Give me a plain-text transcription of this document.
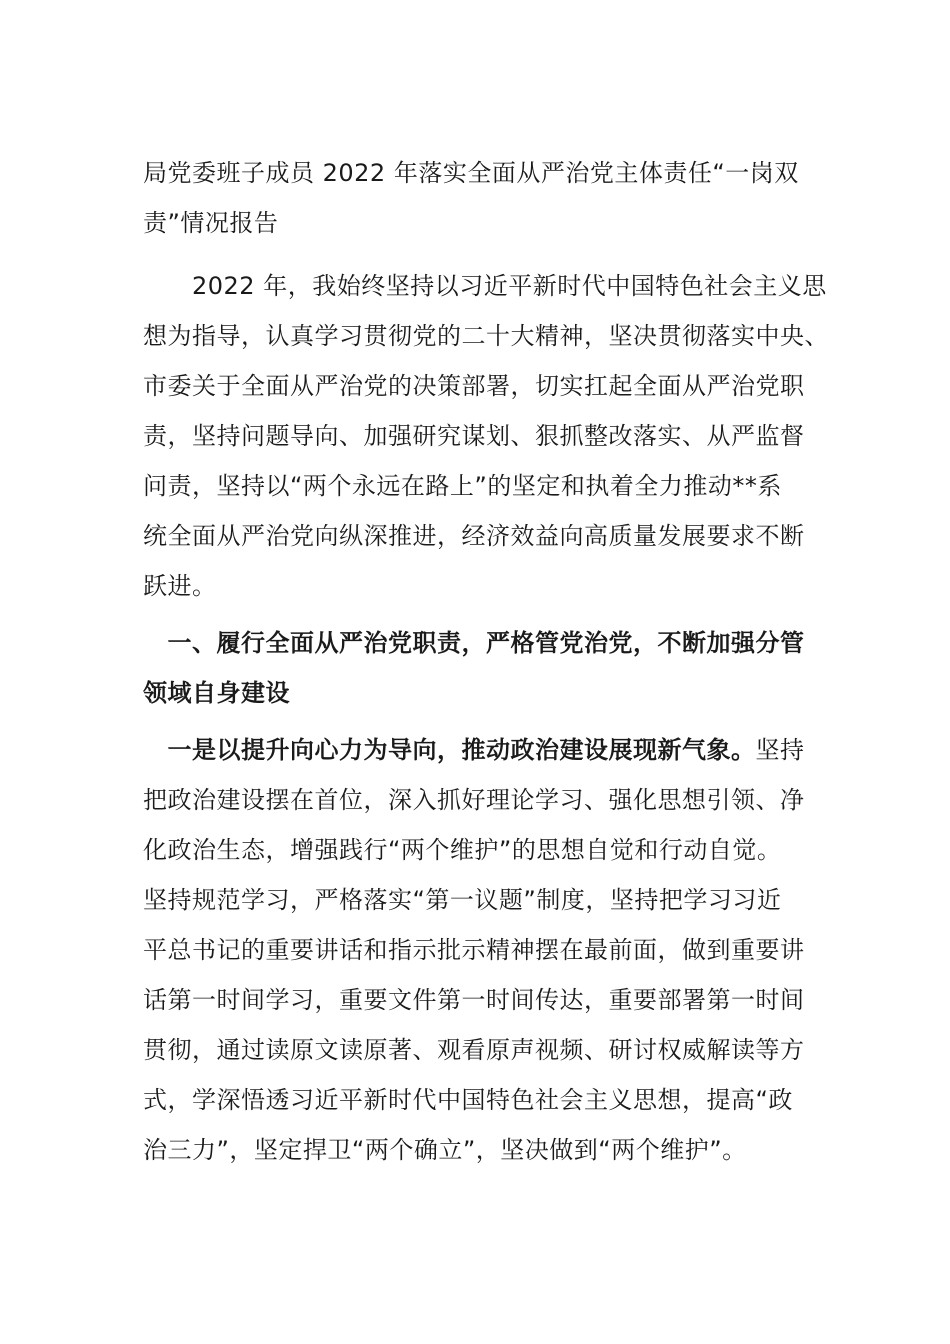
局党委班子成员 2022 年落实全面从严治党主体责任“一岗双
责”情况报告
　　2022 年，我始终坚持以习近平新时代中国特色社会主义思
想为指导，认真学习贯彻党的二十大精神，坚决贯彻落实中央、
市委关于全面从严治党的决策部署，切实扛起全面从严治党职
责，坚持问题导向、加强研究谋划、狠抓整改落实、从严监督
问责，坚持以“两个永远在路上”的坚定和执着全力推动**系
统全面从严治党向纵深推进，经济效益向高质量发展要求不断
跃进。
　一、履行全面从严治党职责，严格管党治党，不断加强分管
领域自身建设
　一是以提升向心力为导向，推动政治建设展现新气象。坚持
把政治建设摆在首位，深入抓好理论学习、强化思想引领、净
化政治生态，增强践行“两个维护”的思想自觉和行动自觉。
坚持规范学习，严格落实“第一议题”制度，坚持把学习习近
平总书记的重要讲话和指示批示精神摆在最前面，做到重要讲
话第一时间学习，重要文件第一时间传达，重要部署第一时间
贯彻，通过读原文读原著、观看原声视频、研讨权威解读等方
式，学深悟透习近平新时代中国特色社会主义思想，提高“政
治三力”，坚定捍卫“两个确立”，坚决做到“两个维护”。
